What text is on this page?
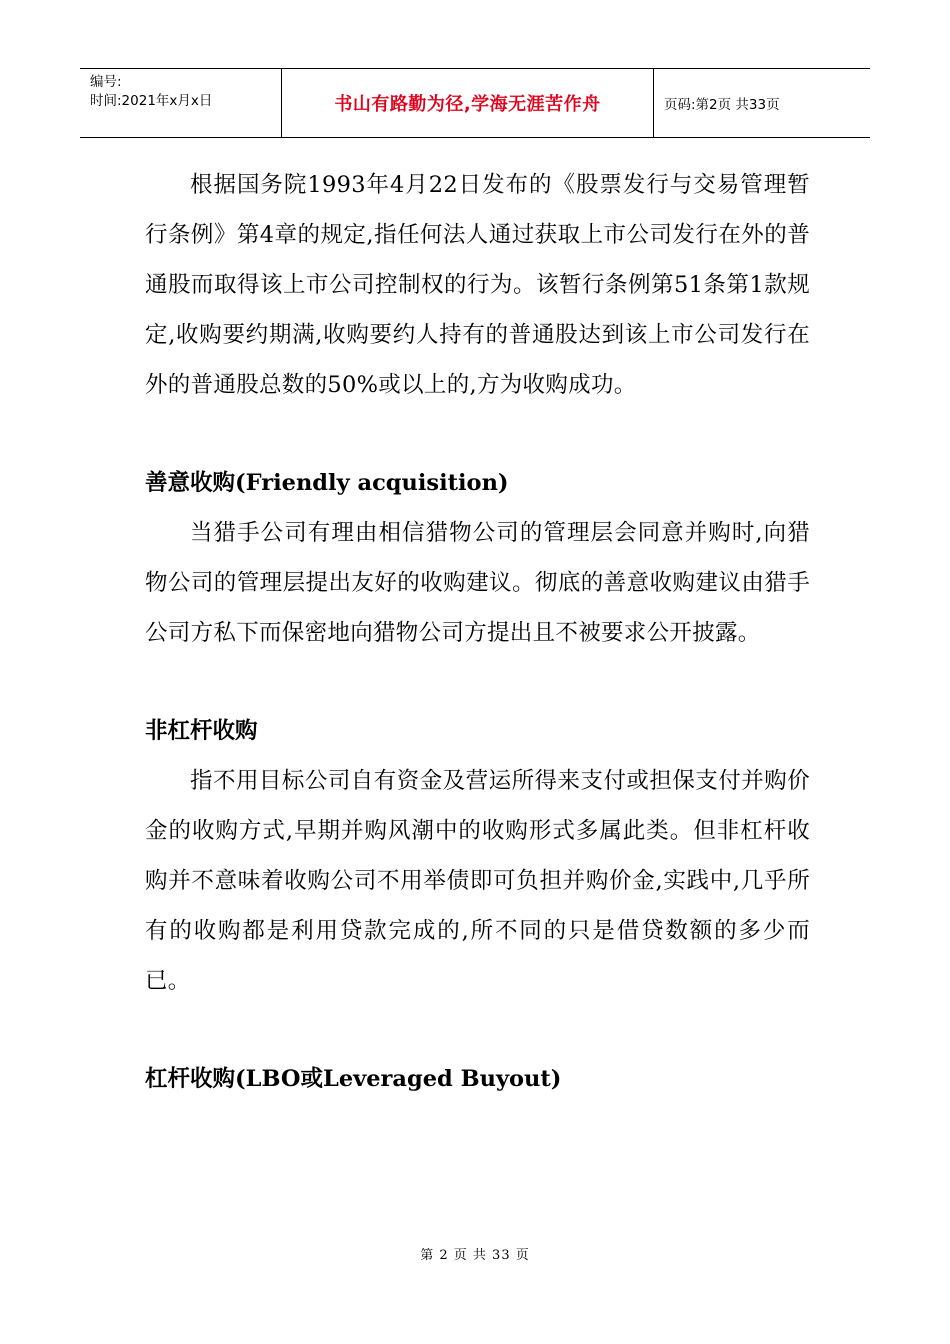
编号:
时间:2021年x月x日	书山有路勤为径,学海无涯苦作舟	页码:第2页 共33页

根据国务院1993年4月22日发布的《股票发行与交易管理暂行条例》第4章的规定,指任何法人通过获取上市公司发行在外的普通股而取得该上市公司控制权的行为。该暂行条例第51条第1款规定,收购要约期满,收购要约人持有的普通股达到该上市公司发行在外的普通股总数的50%或以上的,方为收购成功。

善意收购(Friendly acquisition)

当猎手公司有理由相信猎物公司的管理层会同意并购时,向猎物公司的管理层提出友好的收购建议。彻底的善意收购建议由猎手公司方私下而保密地向猎物公司方提出且不被要求公开披露。

非杠杆收购

指不用目标公司自有资金及营运所得来支付或担保支付并购价金的收购方式,早期并购风潮中的收购形式多属此类。但非杠杆收购并不意味着收购公司不用举债即可负担并购价金,实践中,几乎所有的收购都是利用贷款完成的,所不同的只是借贷数额的多少而已。

杠杆收购(LBO或Leveraged Buyout)

第 2 页 共 33 页
